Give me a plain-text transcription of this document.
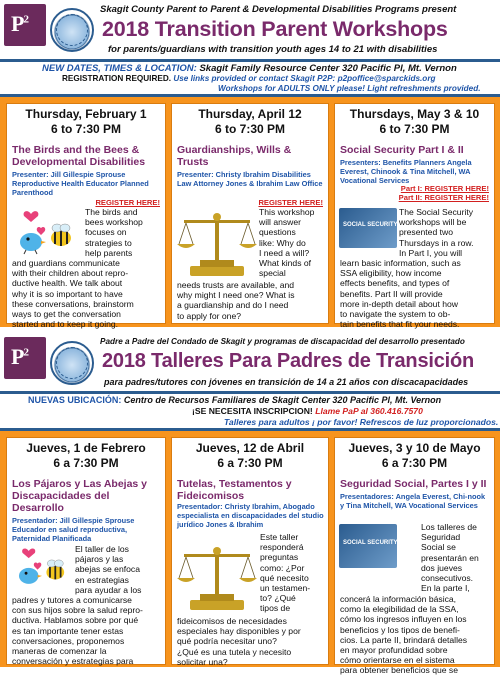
$P^2$
Skagit County Parent to Parent & Developmental Disabilities Programs present
2018 Transition Parent Workshops
for parents/guardians with transition youth ages 14 to 21 with disabilities
NEW DATES, TIMES & LOCATION: Skagit Family Resource Center 320 Pacific Pl, Mt. Vernon
REGISTRATION REQUIRED. Use links provided or contact Skagit P2P: p2poffice@sparckids.org
Workshops for ADULTS ONLY please! Light refreshments provided.
Thursday, February 1
6 to 7:30 PM
The Birds and the Bees & Developmental Disabilities
Presenter: Jill Gillespie Sprouse Reproductive Health Educator Planned Parenthood
REGISTER HERE!
The birds and
bees workshop
focuses on
strategies to
help parents
and guardians communicate
with their children about repro-
ductive health. We talk about
why it is so important to have
these conversations, brainstorm
ways to get the conversation
started and to keep it going.
Thursday, April 12
6 to 7:30 PM
Guardianships, Wills & Trusts
Presenter: Christy Ibrahim Disabilities Law Attorney Jones & Ibrahim Law Office
REGISTER HERE!
This workshop
will answer
questions
like: Why do
I need a will?
What kinds of
special
needs trusts are available, and
why might I need one? What is
a guardianship and do I need
to apply for one?
Thursdays, May 3 & 10
6 to 7:30 PM
Social Security Part I & II
Presenters: Benefits Planners Angela Everest, Chinook & Tina Mitchell, WA Vocational Services
Part I: REGISTER HERE!
Part II: REGISTER HERE!
SOCIAL SECURITY
The Social Security
workshops will be
presented two
Thursdays in a row.
In Part I, you will
learn basic information, such as
SSA eligibility, how income
effects benefits, and types of
benefits. Part II will provide
more in-depth detail about how
to navigate the system to ob-
tain benefits that fit your needs.
$P^2$
Padre a Padre del Condado de Skagit y programas de discapacidad del desarrollo presentado
2018 Talleres Para Padres de Transición
para padres/tutores con jóvenes en transición de 14 a 21 años con discacapacidades
NUEVAS UBICACIÓN: Centro de Recursos Familiares de Skagit Center 320 Pacific Pl, Mt. Vernon
¡SE NECESITA INSCRIPCION! Llame PaP al 360.416.7570
Talleres para adultos ¡ por favor! Refrescos de luz proporcionados.
Jueves, 1 de Febrero
6 a 7:30 PM
Los Pájaros y Las Abejas y Discapacidades del Desarrollo
Presentador: Jill Gillespie Sprouse Educador en salud reproductiva, Paternidad Planificada
El taller de los
pájaros y las
abejas se enfoca
en estrategias
para ayudar a los
padres y tutores a comunicarse
con sus hijos sobre la salud repro-
ductiva. Hablamos sobre por qué
es tan importante tener estas
conversaciones, proponemos
maneras de comenzar la
conversación y estrategias para
Jueves, 12 de Abril
6 a 7:30 PM
Tutelas, Testamentos y Fideicomisos
Presentador: Christy Ibrahim, Abogado especialista en discapacidades del studio jurídico Jones & Ibrahim
Este taller
responderá
preguntas
como: ¿Por
qué necesito
un testamen-
to? ¿Qué
tipos de
fideicomisos de necesidades
especiales hay disponibles y por
qué podría necesitar uno?
¿Qué es una tutela y necesito
solicitar una?
Jueves, 3 y 10 de Mayo
6 a 7:30 PM
Seguridad Social, Partes I y II
Presentadores: Angela Everest, Chi-nook y Tina Mitchell, WA Vocational Services
SOCIAL SECURITY
Los talleres de
Seguridad
Social se
presentarán en
dos jueves
consecutivos.
En la parte I,
concerá la información básica,
como la elegibilidad de la SSA,
cómo los ingresos influyen en los
beneficios y los tipos de benefi-
cios. La parte II, brindará detalles
en mayor profundidad sobre
cómo orientarse en el sistema
para obtener beneficios que se
